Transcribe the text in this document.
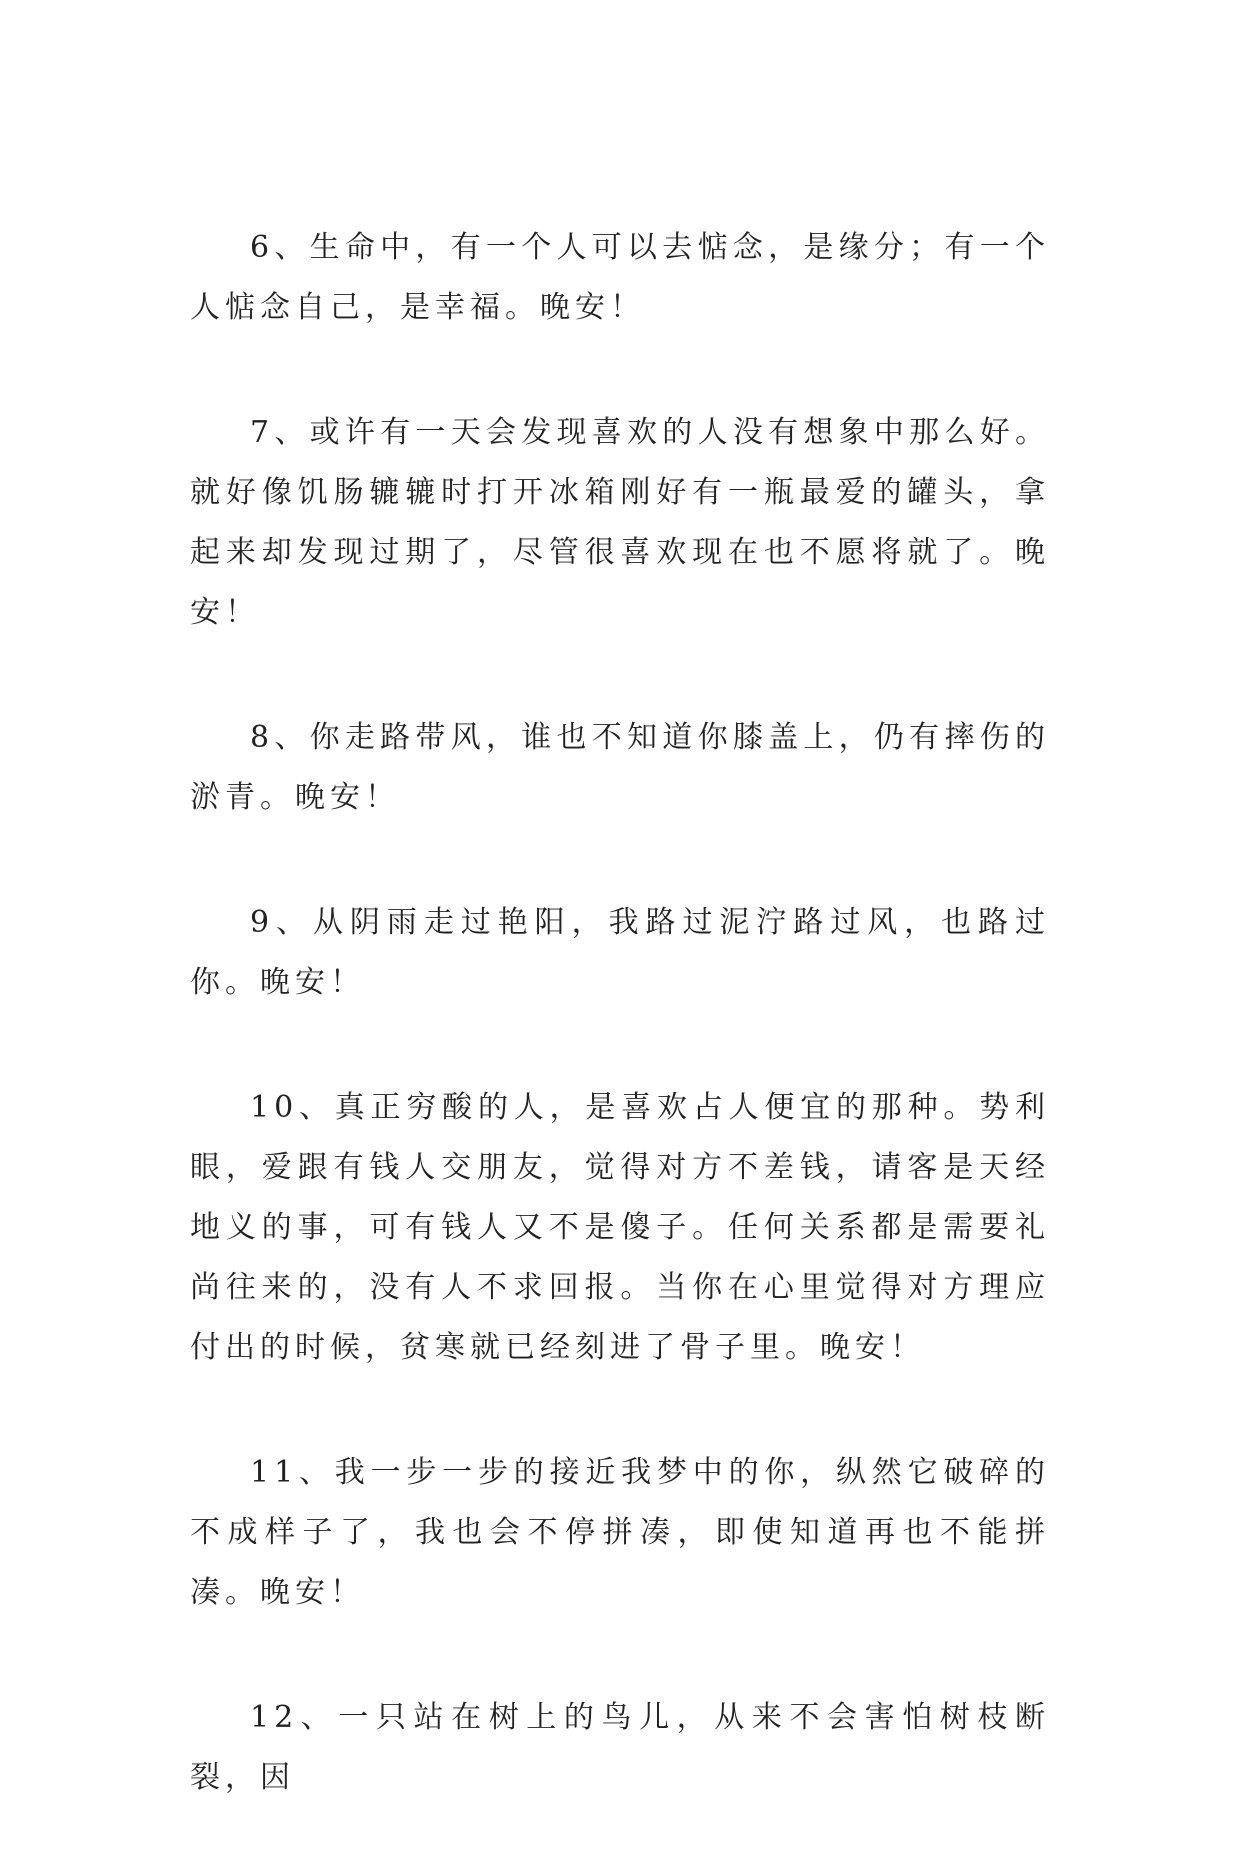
6、生命中，有一个人可以去惦念，是缘分；有一个人惦念自己，是幸福。晚安！

7、或许有一天会发现喜欢的人没有想象中那么好。就好像饥肠辘辘时打开冰箱刚好有一瓶最爱的罐头，拿起来却发现过期了，尽管很喜欢现在也不愿将就了。晚安！

8、你走路带风，谁也不知道你膝盖上，仍有摔伤的淤青。晚安！

9、从阴雨走过艳阳，我路过泥泞路过风，也路过你。晚安！

10、真正穷酸的人，是喜欢占人便宜的那种。势利眼，爱跟有钱人交朋友，觉得对方不差钱，请客是天经地义的事，可有钱人又不是傻子。任何关系都是需要礼尚往来的，没有人不求回报。当你在心里觉得对方理应付出的时候，贫寒就已经刻进了骨子里。晚安！

11、我一步一步的接近我梦中的你，纵然它破碎的不成样子了，我也会不停拼凑，即使知道再也不能拼凑。晚安！

12、一只站在树上的鸟儿，从来不会害怕树枝断裂，因
